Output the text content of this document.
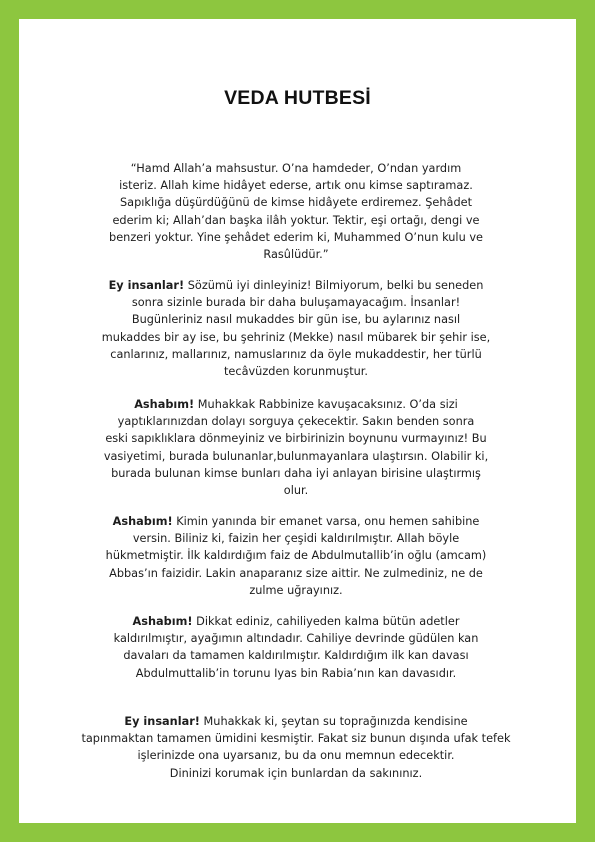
VEDA HUTBESİ

“Hamd Allah’a mahsustur. O’na hamdeder, O’ndan yardım
isteriz. Allah kime hidâyet ederse, artık onu kimse saptıramaz.
Sapıklığa düşürdüğünü de kimse hidâyete erdiremez. Şehâdet
ederim ki; Allah’dan başka ilâh yoktur. Tektir, eşi ortağı, dengi ve
benzeri yoktur. Yine şehâdet ederim ki, Muhammed O’nun kulu ve
Rasûlüdür.”

Ey insanlar! Sözümü iyi dinleyiniz! Bilmiyorum, belki bu seneden
sonra sizinle burada bir daha buluşamayacağım. İnsanlar!
Bugünleriniz nasıl mukaddes bir gün ise, bu aylarınız nasıl
mukaddes bir ay ise, bu şehriniz (Mekke) nasıl mübarek bir şehir ise,
canlarınız, mallarınız, namuslarınız da öyle mukaddestir, her türlü
tecâvüzden korunmuştur.

Ashabım! Muhakkak Rabbinize kavuşacaksınız. O’da sizi
yaptıklarınızdan dolayı sorguya çekecektir. Sakın benden sonra
eski sapıklıklara dönmeyiniz ve birbirinizin boynunu vurmayınız! Bu
vasiyetimi, burada bulunanlar,bulunmayanlara ulaştırsın. Olabilir ki,
burada bulunan kimse bunları daha iyi anlayan birisine ulaştırmış
olur.

Ashabım! Kimin yanında bir emanet varsa, onu hemen sahibine
versin. Biliniz ki, faizin her çeşidi kaldırılmıştır. Allah böyle
hükmetmiştir. İlk kaldırdığım faiz de Abdulmutallib’in oğlu (amcam)
Abbas’ın faizidir. Lakin anaparanız size aittir. Ne zulmediniz, ne de
zulme uğrayınız.

Ashabım! Dikkat ediniz, cahiliyeden kalma bütün adetler
kaldırılmıştır, ayağımın altındadır. Cahiliye devrinde güdülen kan
davaları da tamamen kaldırılmıştır. Kaldırdığım ilk kan davası
Abdulmuttalib’in torunu Iyas bin Rabia’nın kan davasıdır.

Ey insanlar! Muhakkak ki, şeytan su toprağınızda kendisine
tapınmaktan tamamen ümidini kesmiştir. Fakat siz bunun dışında ufak tefek
işlerinizde ona uyarsanız, bu da onu memnun edecektir.
Dininizi korumak için bunlardan da sakınınız.
